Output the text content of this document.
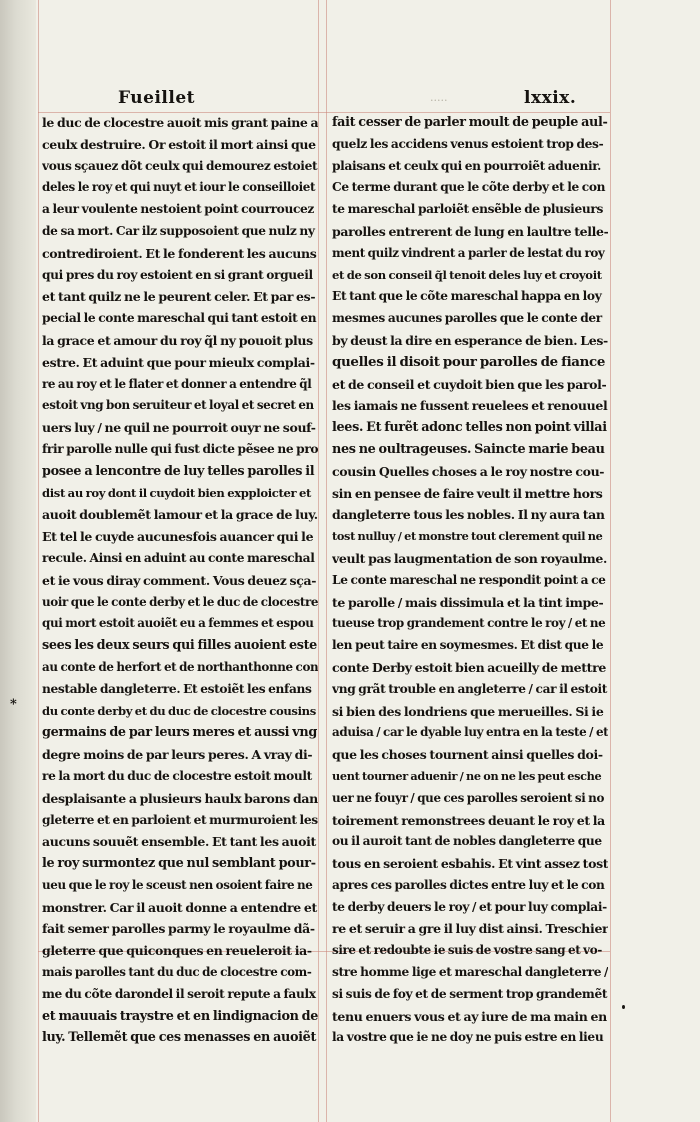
Fueillet	lxxix.
·····
*
le duc de clocestre auoit mis grant paine a
ceulx destruire. Or estoit il mort ainsi que
vous sçauez dõt ceulx qui demourez estoiet
deles le roy et qui nuyt et iour le conseilloiet
a leur voulente nestoient point courroucez
de sa mort. Car ilz supposoient que nulz ny
contrediroient. Et le fonderent les aucuns
qui pres du roy estoient en si grant orgueil
et tant quilz ne le peurent celer. Et par es-
pecial le conte mareschal qui tant estoit en
la grace et amour du roy q̃l ny pouoit plus
estre. Et aduint que pour mieulx complai-
re au roy et le flater et donner a entendre q̃l
estoit vng bon seruiteur et loyal et secret en
uers luy / ne quil ne pourroit ouyr ne souf-
frir parolle nulle qui fust dicte pẽsee ne pro
posee a lencontre de luy telles parolles il
dist au roy dont il cuydoit bien expploicter et
auoit doublemẽt lamour et la grace de luy.
Et tel le cuyde aucunesfois auancer qui le
recule. Ainsi en aduint au conte mareschal
et ie vous diray comment. Vous deuez sça-
uoir que le conte derby et le duc de clocestre
qui mort estoit auoiẽt eu a femmes et espou
sees les deux seurs qui filles auoient este
au conte de herfort et de northanthonne con
nestable dangleterre. Et estoiẽt les enfans
du conte derby et du duc de clocestre cousins
germains de par leurs meres et aussi vng
degre moins de par leurs peres. A vray di-
re la mort du duc de clocestre estoit moult
desplaisante a plusieurs haulx barons dan
gleterre et en parloient et murmuroient les
aucuns souuẽt ensemble. Et tant les auoit
le roy surmontez que nul semblant pour-
ueu que le roy le sceust nen osoient faire ne
monstrer. Car il auoit donne a entendre et
fait semer parolles parmy le royaulme dã-
gleterre que quiconques en reueleroit ia-
mais parolles tant du duc de clocestre com-
me du cõte darondel il seroit repute a faulx
et mauuais traystre et en lindignacion de
luy. Tellemẽt que ces menasses en auoiẽt
fait cesser de parler moult de peuple aul-
quelz les accidens venus estoient trop des-
plaisans et ceulx qui en pourroiẽt aduenir.
Ce terme durant que le cõte derby et le con
te mareschal parloiẽt ensẽble de plusieurs
parolles entrerent de lung en laultre telle-
ment quilz vindrent a parler de lestat du roy
et de son conseil q̃l tenoit deles luy et croyoit
Et tant que le cõte mareschal happa en loy
mesmes aucunes parolles que le conte der
by deust la dire en esperance de bien. Les-
quelles il disoit pour parolles de fiance
et de conseil et cuydoit bien que les parol-
les iamais ne fussent reuelees et renouuel
lees. Et furẽt adonc telles non point villai
nes ne oultrageuses. Saincte marie beau
cousin Quelles choses a le roy nostre cou-
sin en pensee de faire veult il mettre hors
dangleterre tous les nobles. Il ny aura tan
tost nulluy / et monstre tout clerement quil ne
veult pas laugmentation de son royaulme.
Le conte mareschal ne respondit point a ce
te parolle / mais dissimula et la tint impe-
tueuse trop grandement contre le roy / et ne
len peut taire en soymesmes. Et dist que le
conte Derby estoit bien acueilly de mettre
vng grãt trouble en angleterre / car il estoit
si bien des londriens que merueilles. Si ie
aduisa / car le dyable luy entra en la teste / et
que les choses tournent ainsi quelles doi-
uent tourner aduenir / ne on ne les peut esche
uer ne fouyr / que ces parolles seroient si no
toirement remonstrees deuant le roy et la
ou il auroit tant de nobles dangleterre que
tous en seroient esbahis. Et vint assez tost
apres ces parolles dictes entre luy et le con
te derby deuers le roy / et pour luy complai-
re et seruir a gre il luy dist ainsi. Treschier
sire et redoubte ie suis de vostre sang et vo-
stre homme lige et mareschal dangleterre /
si suis de foy et de serment trop grandemẽt
tenu enuers vous et ay iure de ma main en
la vostre que ie ne doy ne puis estre en lieu
